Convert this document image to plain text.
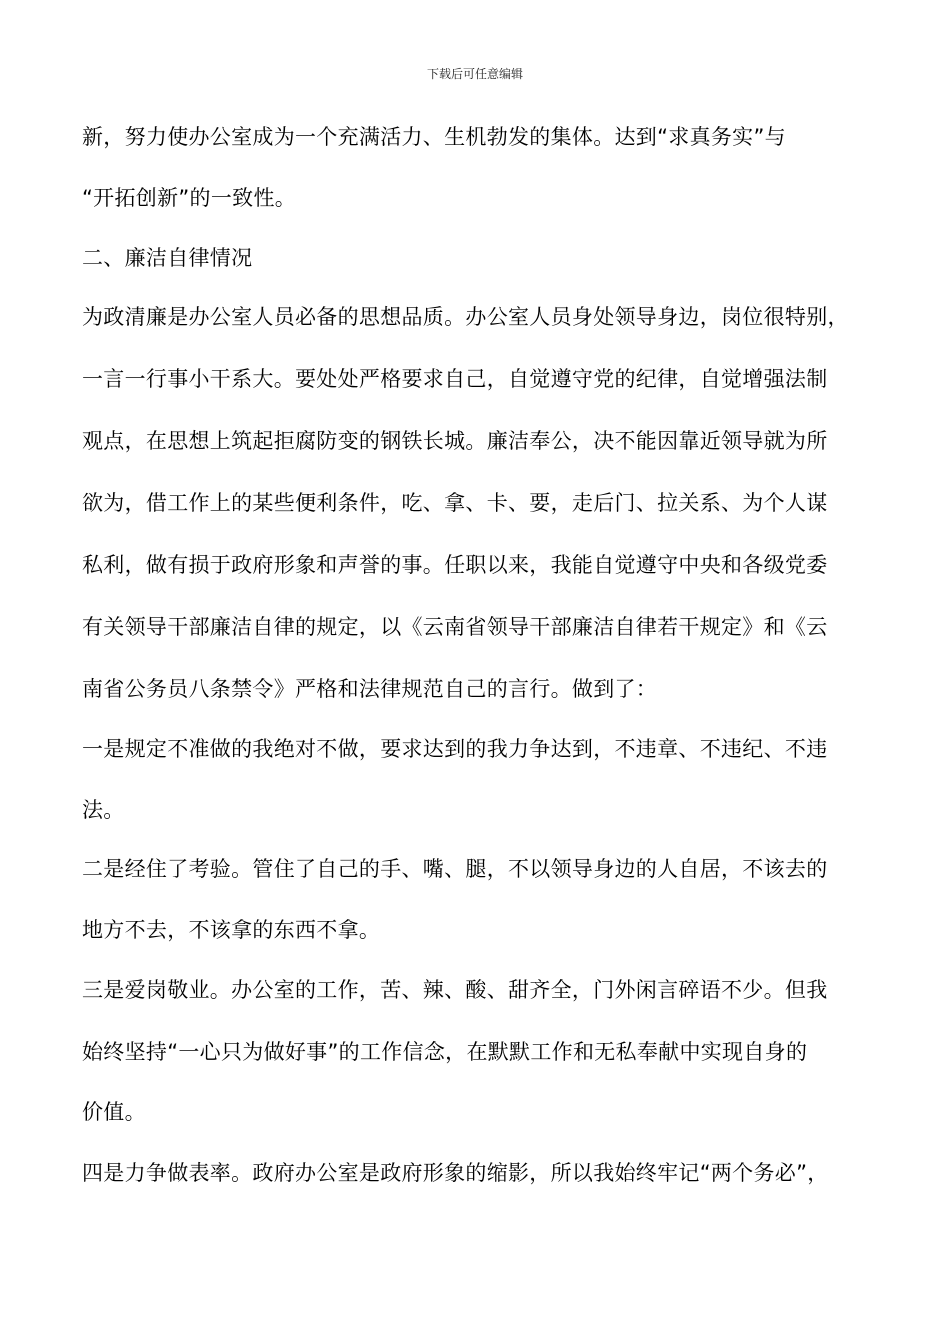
下载后可任意编辑
新，努力使办公室成为一个充满活力、生机勃发的集体。达到“求真务实”与
“开拓创新”的一致性。
二、廉洁自律情况
为政清廉是办公室人员必备的思想品质。办公室人员身处领导身边，岗位很特别，
一言一行事小干系大。要处处严格要求自己，自觉遵守党的纪律，自觉增强法制
观点，在思想上筑起拒腐防变的钢铁长城。廉洁奉公，决不能因靠近领导就为所
欲为，借工作上的某些便利条件，吃、拿、卡、要，走后门、拉关系、为个人谋
私利，做有损于政府形象和声誉的事。任职以来，我能自觉遵守中央和各级党委
有关领导干部廉洁自律的规定，以《云南省领导干部廉洁自律若干规定》和《云
南省公务员八条禁令》严格和法律规范自己的言行。做到了：
一是规定不准做的我绝对不做，要求达到的我力争达到，不违章、不违纪、不违
法。
二是经住了考验。管住了自己的手、嘴、腿，不以领导身边的人自居，不该去的
地方不去，不该拿的东西不拿。
三是爱岗敬业。办公室的工作，苦、辣、酸、甜齐全，门外闲言碎语不少。但我
始终坚持“一心只为做好事”的工作信念，在默默工作和无私奉献中实现自身的
价值。
四是力争做表率。政府办公室是政府形象的缩影，所以我始终牢记“两个务必”，
